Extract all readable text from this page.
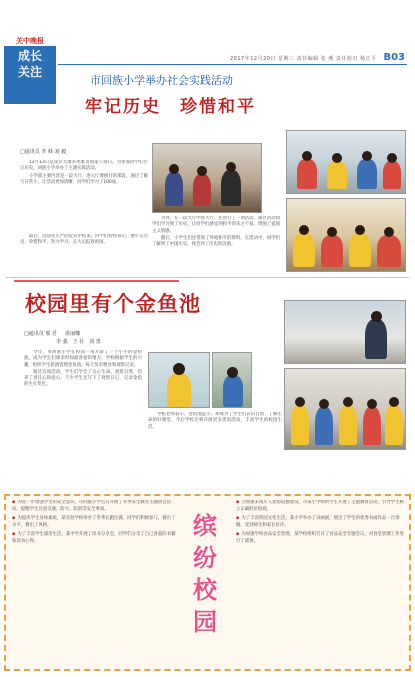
关中晚报
成长
关注
2017年12月20日 星期三 责任编辑 张 燕 责任校对 杨正平 B03
市回族小学举办社会实践活动
牢记历史　珍惜和平
□通讯员 李 韩 刘 毅

12月13日是南京大屠杀死难者国家公祭日。为带领同学们牢记历史，回族小学举办了主题实践活动。

小学部主要内容是一段大厅，进大厅要展开的那段，通过了解与日常小，让活动更加清晰，同学们学习了100座。

另外，在一段大厅中进大厅，还进行了一项活动，通过活动同学们学习到了历史。让同学们感受到和平的来之不易，增强了爱国主义情感。

随后，小学生们还带领了外地和平的资料，在活动中，同学们了解到了中国历史，体会到了历史的沉重。

最后，活动在庄严的仪式中结束。同学们纷纷表示，要牢记历史、珍惜和平，努力学习，长大后报效祖国。

校园里有个金鱼池
□通讯员 邢 君 　 席丽娜
李 强　王 社　刘 勇

今年，市回族小学在校园一角开辟了一个小小的金鱼池，成为学生们课余时间最喜爱的地方。学校根据学生的兴趣，组织学生轮流管理金鱼池，每天负责喂食和观察记录。

通过这项活动，学生们学会了关心生命、观察自然，培养了责任心和爱心。不少学生还写下了观察日记，记录金鱼的生长变化。

学校老师表示，金鱼池虽小，却成为了学生们认识自然、了解生命的好课堂。今后学校还将开展更多类似活动，丰富学生的校园生活。

◆ 为进一步增强学生的安全意识，市回族小学近日开展了冬季安全教育主题班会活动，提醒学生注意交通、防火、防滑等安全事项。

◆ 为提高学生身体素质，某实验学校举办了冬季长跑比赛，同学们积极参与，赛出了水平，赛出了风格。

◆ 为了丰富学生课余生活，某中学开展了读书分享会，同学们分享了自己喜爱的书籍和读书心得。

缤
纷
校
园

◆ 为加强未成年人思想道德建设，市某小学组织学生开展了主题教育活动，引导学生树立正确的价值观。

◆ 为了丰富校园文化生活，某小学举办了书画展，展出了学生的优秀书画作品一百余幅，受到师生和家长好评。

◆ 为加强学校食品安全管理，某学校组织召开了食品安全专题会议，对食堂管理工作进行了部署。
